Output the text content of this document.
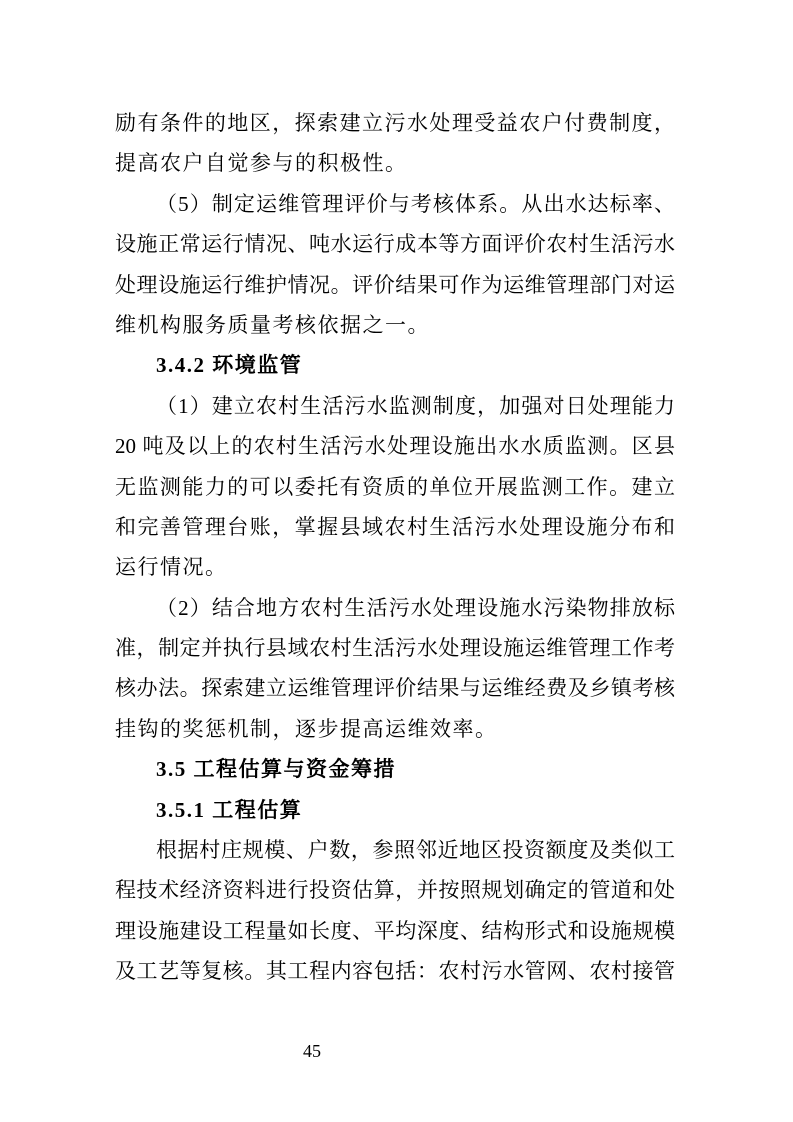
励有条件的地区，探索建立污水处理受益农户付费制度，
提高农户自觉参与的积极性。
（5）制定运维管理评价与考核体系。从出水达标率、
设施正常运行情况、吨水运行成本等方面评价农村生活污水
处理设施运行维护情况。评价结果可作为运维管理部门对运
维机构服务质量考核依据之一。
3.4.2 环境监管
（1）建立农村生活污水监测制度，加强对日处理能力
20 吨及以上的农村生活污水处理设施出水水质监测。区县
无监测能力的可以委托有资质的单位开展监测工作。建立
和完善管理台账，掌握县域农村生活污水处理设施分布和
运行情况。
（2）结合地方农村生活污水处理设施水污染物排放标
准，制定并执行县域农村生活污水处理设施运维管理工作考
核办法。探索建立运维管理评价结果与运维经费及乡镇考核
挂钩的奖惩机制，逐步提高运维效率。
3.5 工程估算与资金筹措
3.5.1 工程估算
根据村庄规模、户数，参照邻近地区投资额度及类似工
程技术经济资料进行投资估算，并按照规划确定的管道和处
理设施建设工程量如长度、平均深度、结构形式和设施规模
及工艺等复核。其工程内容包括：农村污水管网、农村接管
45
